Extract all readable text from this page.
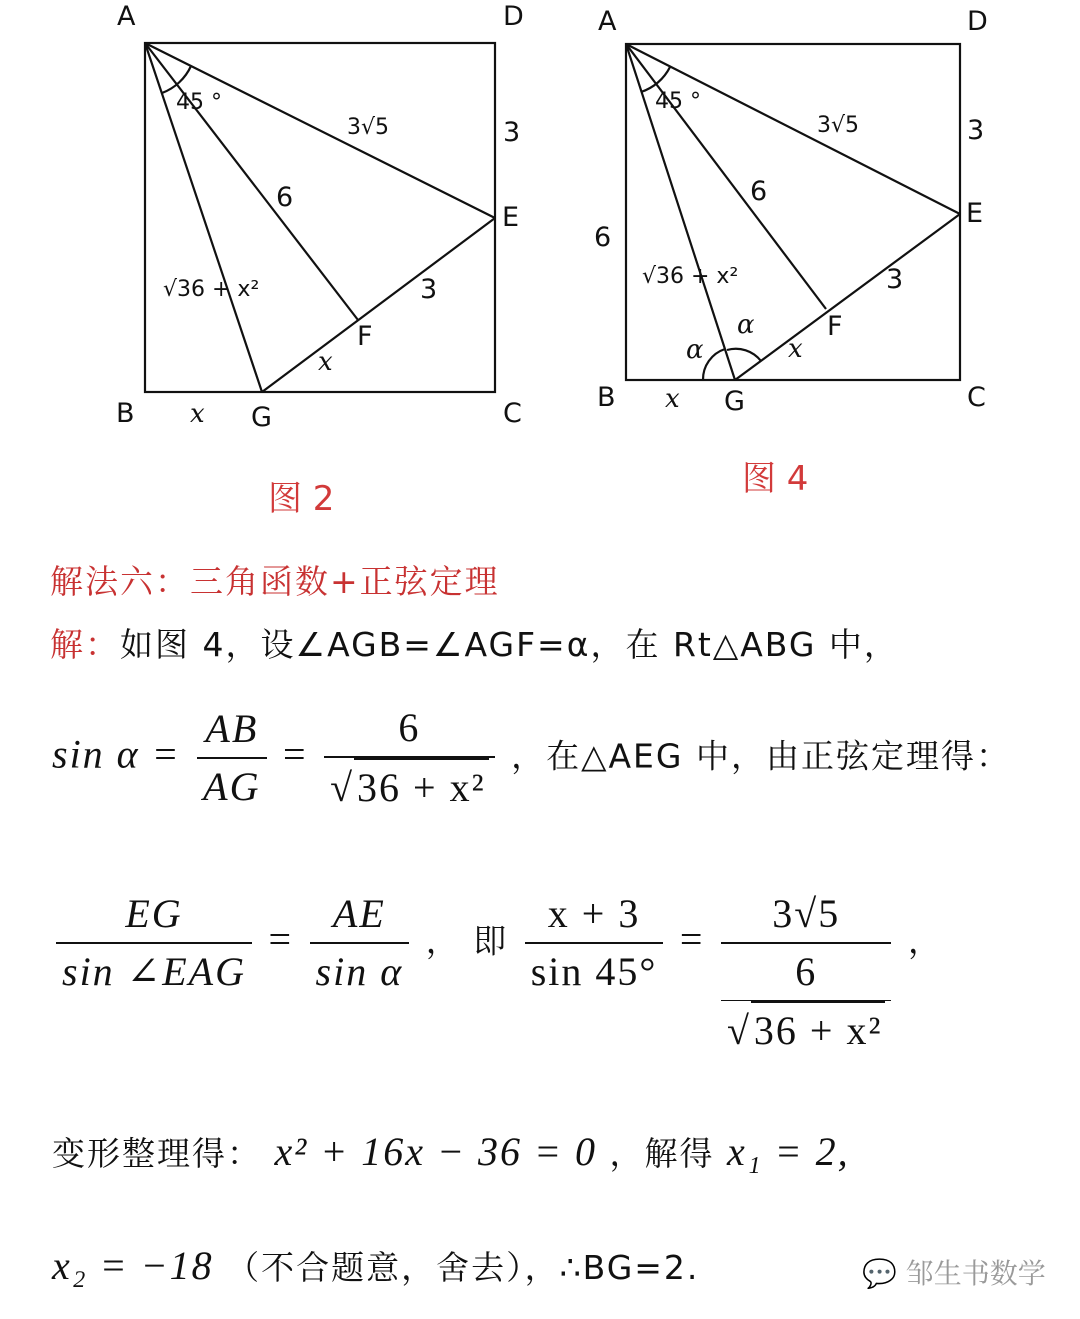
A	D
B	G	C
E
F
45 °
3√5	3
6
3
x
x
√36 + x²
图 2
A	D
B	G	C
E
F
45 °
3√5	3
6
3
x
x
6
√36 + x²
α
α
图 4
解法六：三角函数+正弦定理
解：如图 4，设∠AGB=∠AGF=α，在 Rt△ABG 中，
$\sin \alpha = \frac{AB}{AG} = \frac{6}{\text{√36 + x²}}$ ，在△AEG 中，由正弦定理得：
$\frac{EG}{\text{sin ∠EAG}} = \frac{AE}{\text{sin α}}$ ， 即 $\frac{x + 3}{\sin 45^\circ}$ =
3√5
6
√36 + x²
，
变形整理得： x² + 16x − 36 = 0 ，解得 x₁ = 2,
x₂ = −18 （不合题意，舍去），∴BG=2.	💬 邹生书数学
